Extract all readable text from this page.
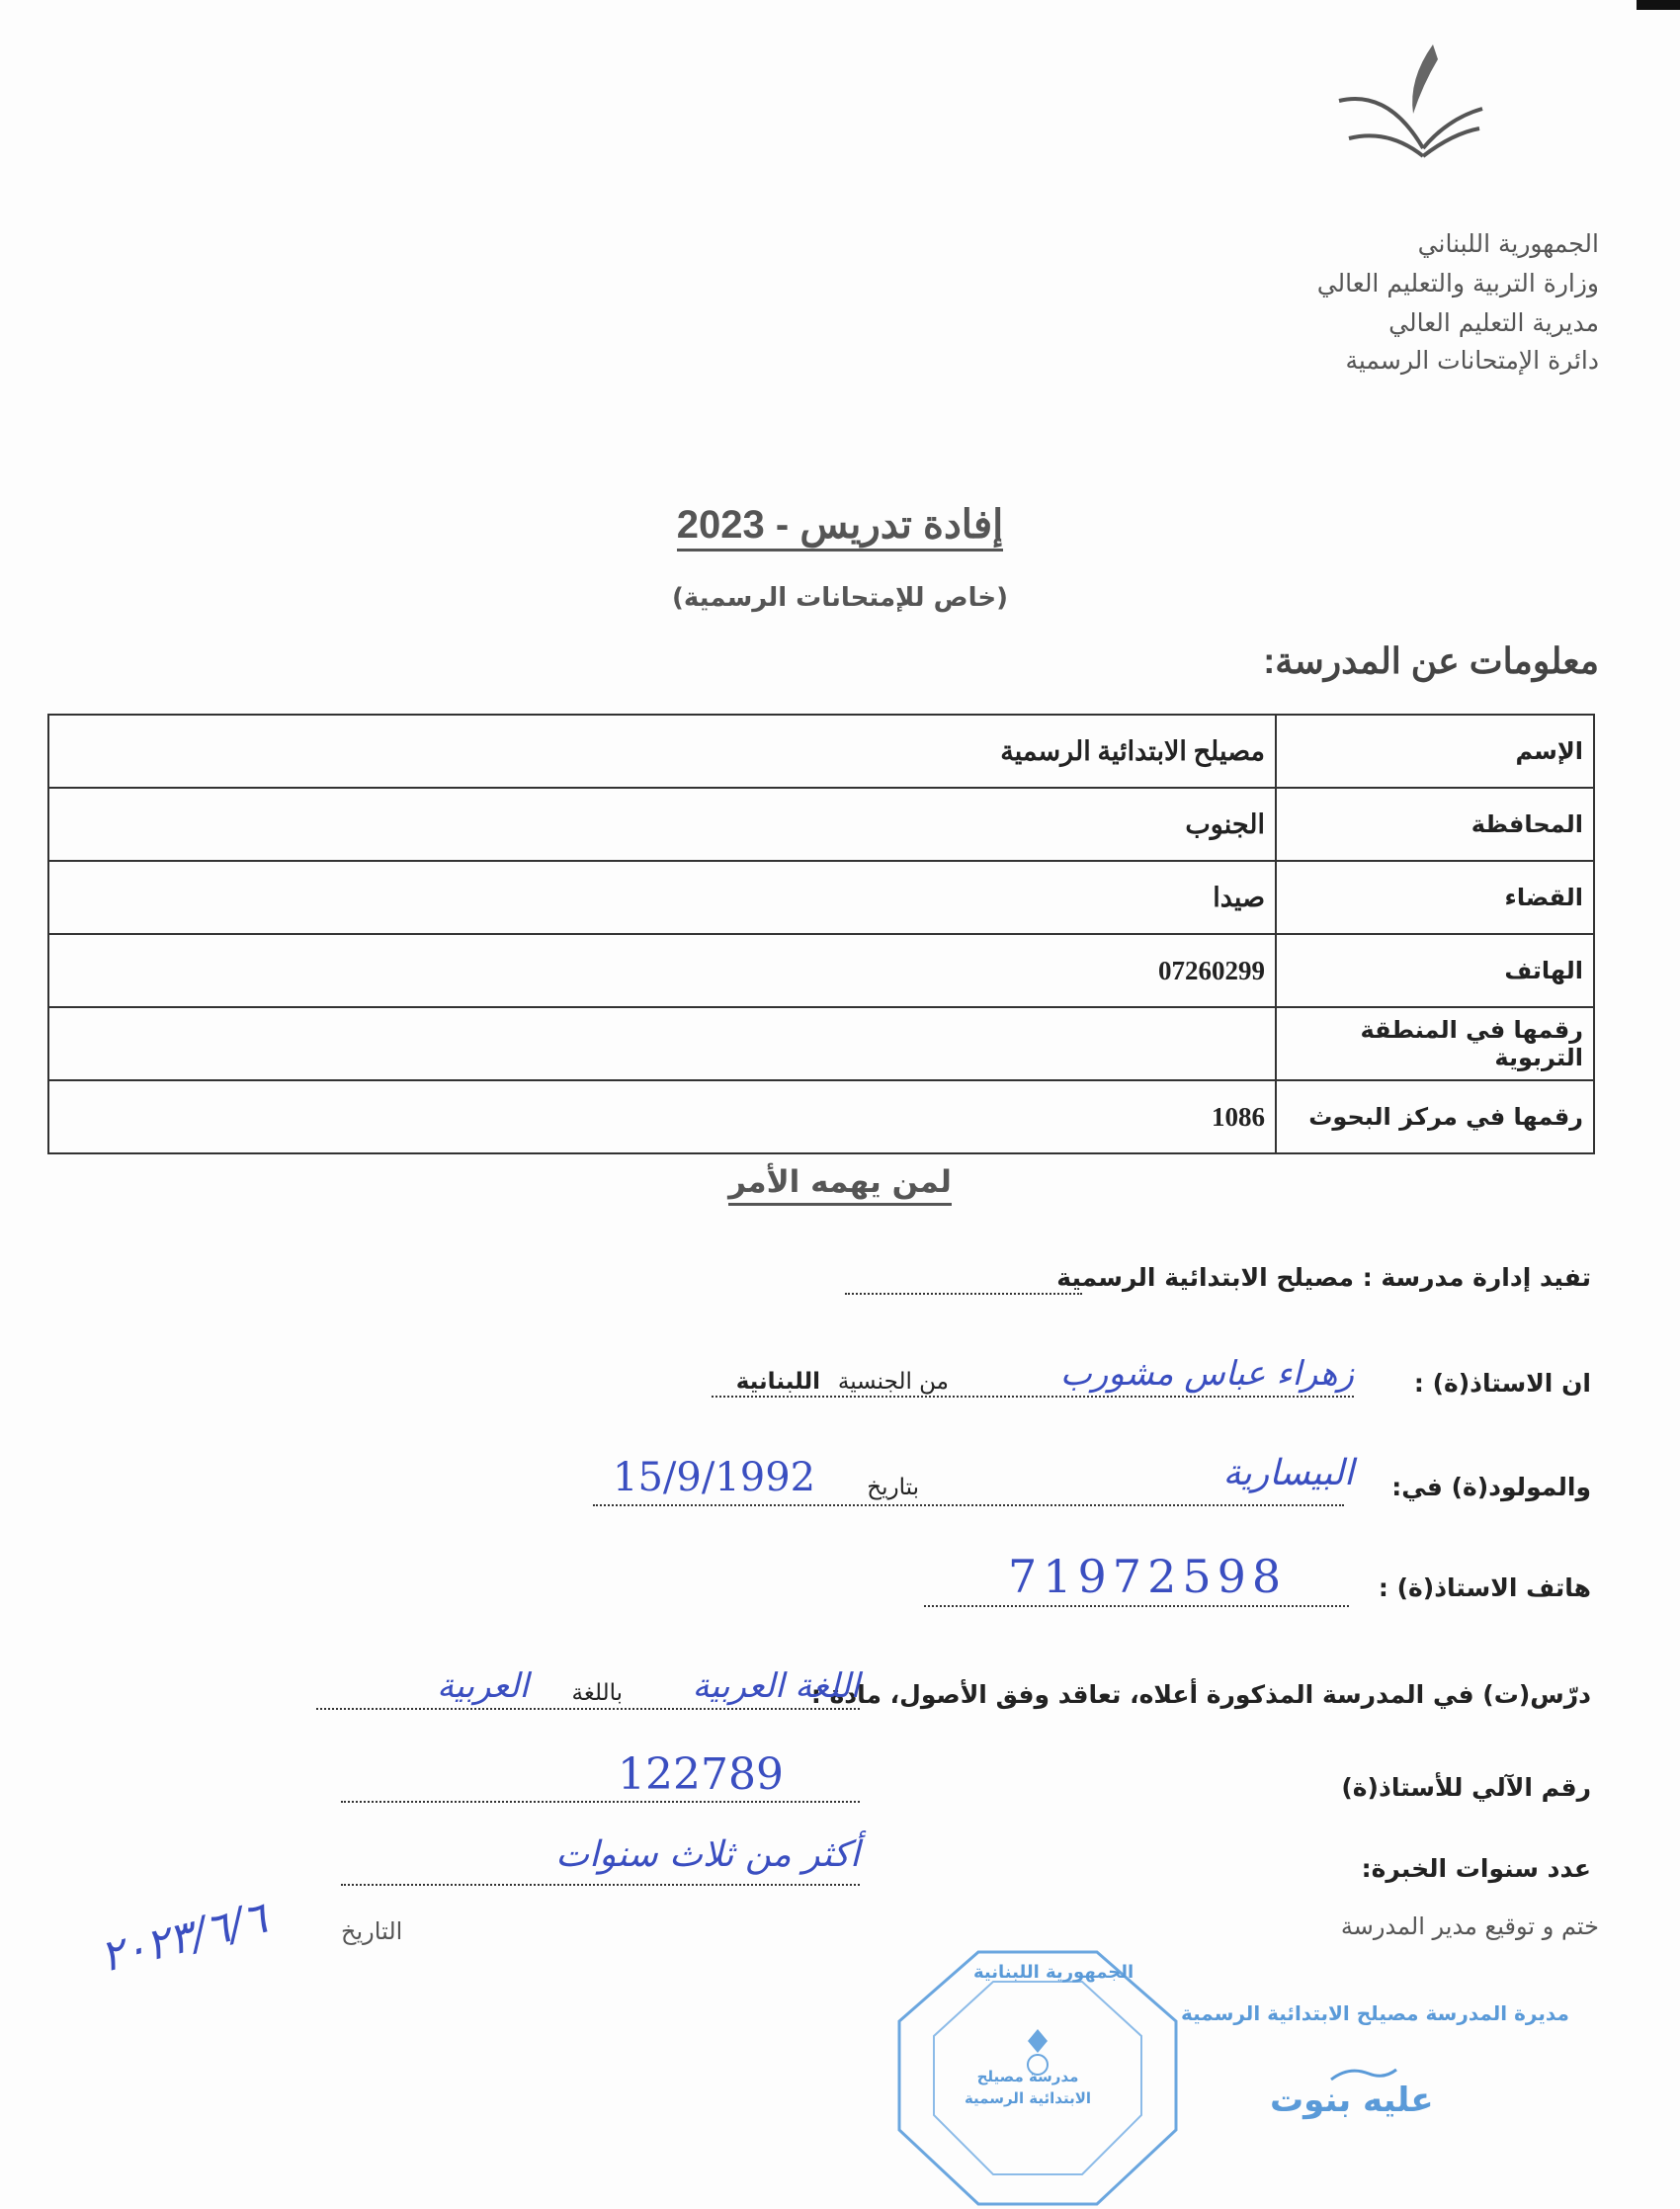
الجمهورية اللبناني
وزارة التربية والتعليم العالي
مديرية التعليم العالي
دائرة الإمتحانات الرسمية
إفادة تدريس - 2023
(خاص للإمتحانات الرسمية)
معلومات عن المدرسة:
الإسم	مصيلح الابتدائية الرسمية
المحافظة	الجنوب
القضاء	صيدا
الهاتف	07260299
رقمها في المنطقة التربوية	
رقمها في مركز البحوث	1086
لمن يهمه الأمر
تفيد إدارة مدرسة :
مصيلح الابتدائية الرسمية
ان الاستاذ(ة) :
زهراء عباس مشورب
من الجنسية
اللبنانية
والمولود(ة) في:
البيسارية
بتاريخ
15/9/1992
هاتف الاستاذ(ة) :
71972598
درّس(ت) في المدرسة المذكورة أعلاه، تعاقد وفق الأصول، مادة :
اللغة العربية
باللغة
العربية
رقم الآلي للأستاذ(ة)
122789
عدد سنوات الخبرة:
أكثر من ثلاث سنوات
ختم و توقيع مدير المدرسة
التاريخ
٢٠٢٣/٦/٦	الجمهورية اللبنانية
مدرسة مصيلح الابتدائية الرسمية
مديرة المدرسة مصيلح الابتدائية الرسمية
عليه بنوت
